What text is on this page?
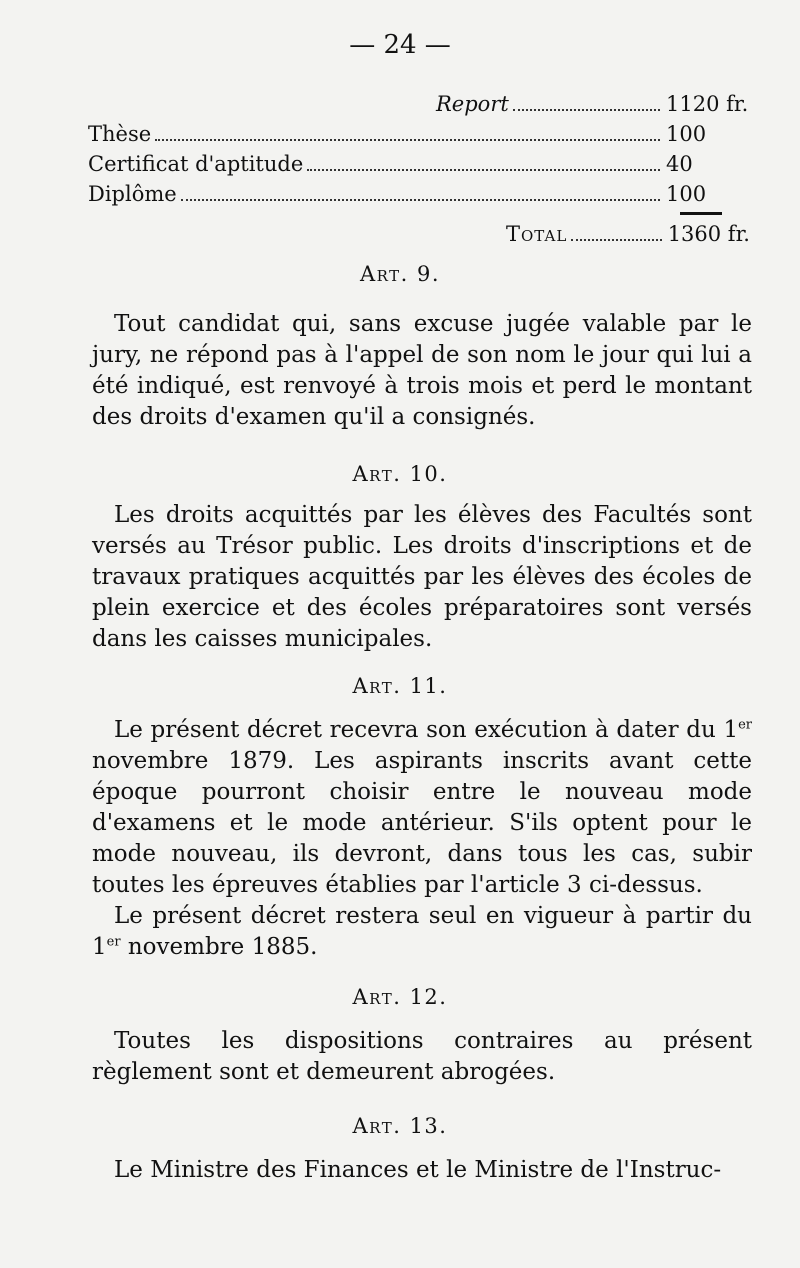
— 24 —
Report	1120 fr.
Thèse	100
Certificat d'aptitude	40
Diplôme	100
Total	1360 fr.
Art. 9.

Tout candidat qui, sans excuse jugée valable par le jury, ne répond pas à l'appel de son nom le jour qui lui a été indiqué, est renvoyé à trois mois et perd le montant des droits d'examen qu'il a consignés.

Art. 10.

Les droits acquittés par les élèves des Facultés sont versés au Trésor public. Les droits d'inscriptions et de travaux pratiques acquittés par les élèves des écoles de plein exercice et des écoles préparatoires sont versés dans les caisses municipales.

Art. 11.

Le présent décret recevra son exécution à dater du 1er novembre 1879. Les aspirants inscrits avant cette époque pourront choisir entre le nouveau mode d'examens et le mode antérieur. S'ils optent pour le mode nouveau, ils devront, dans tous les cas, subir toutes les épreuves établies par l'article 3 ci-dessus.

Le présent décret restera seul en vigueur à partir du 1er novembre 1885.

Art. 12.

Toutes les dispositions contraires au présent règlement sont et demeurent abrogées.

Art. 13.

Le Ministre des Finances et le Ministre de l'Instruc-
